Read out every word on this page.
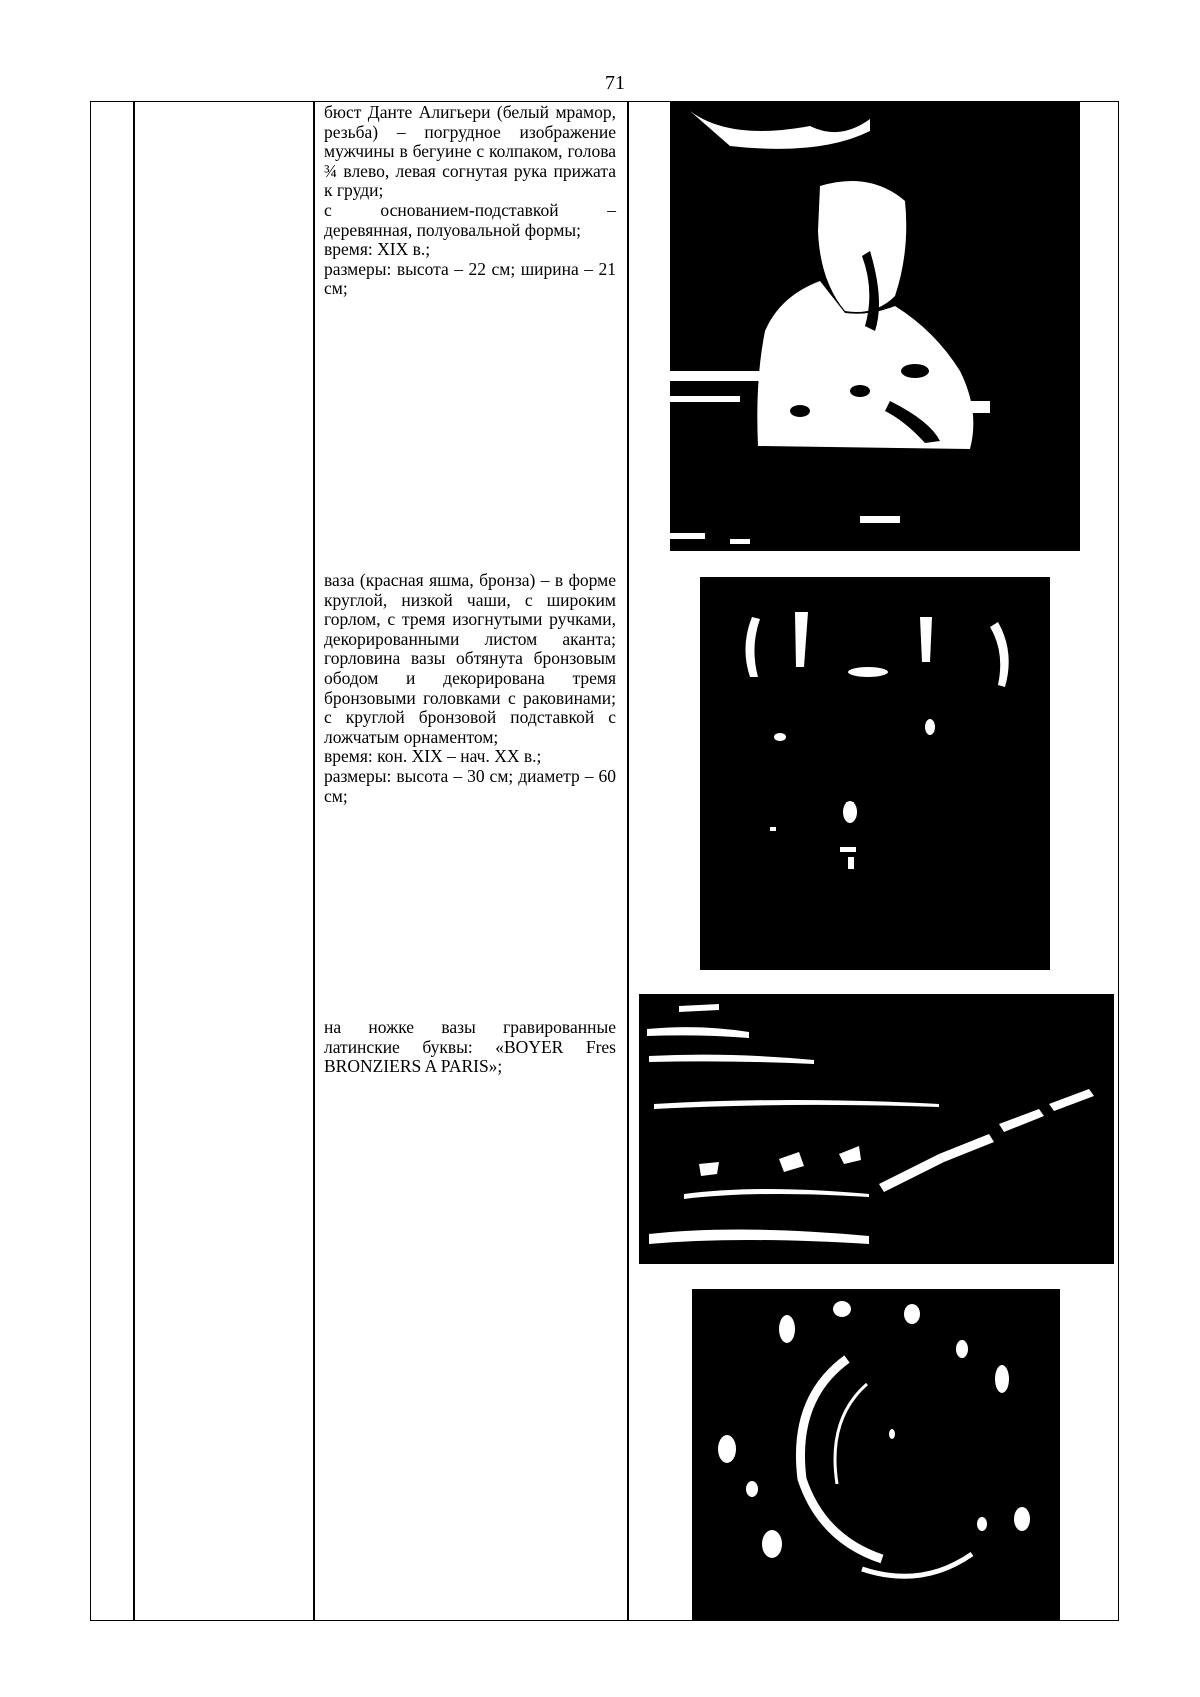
71

бюст Данте Алигьери (белый мрамор, резьба) – погрудное изображение мужчины в бегуине с колпаком, голова ¾ влево, левая согнутая рука прижата к груди;

с основанием-подставкой – деревянная, полуовальной формы;

время: XIX в.;

размеры: высота – 22 см; ширина – 21 см;

ваза (красная яшма, бронза) – в форме круглой, низкой чаши, с широким горлом, с тремя изогнутыми ручками, декорированными листом аканта; горловина вазы обтянута бронзовым ободом и декорирована тремя бронзовыми головками с раковинами; с круглой бронзовой подставкой с ложчатым орнаментом;

время: кон. XIX – нач. XX в.;

размеры: высота – 30 см; диаметр – 60 см;

на ножке вазы гравированные латинские буквы: «BOYER Fres BRONZIERS A PARIS»;
